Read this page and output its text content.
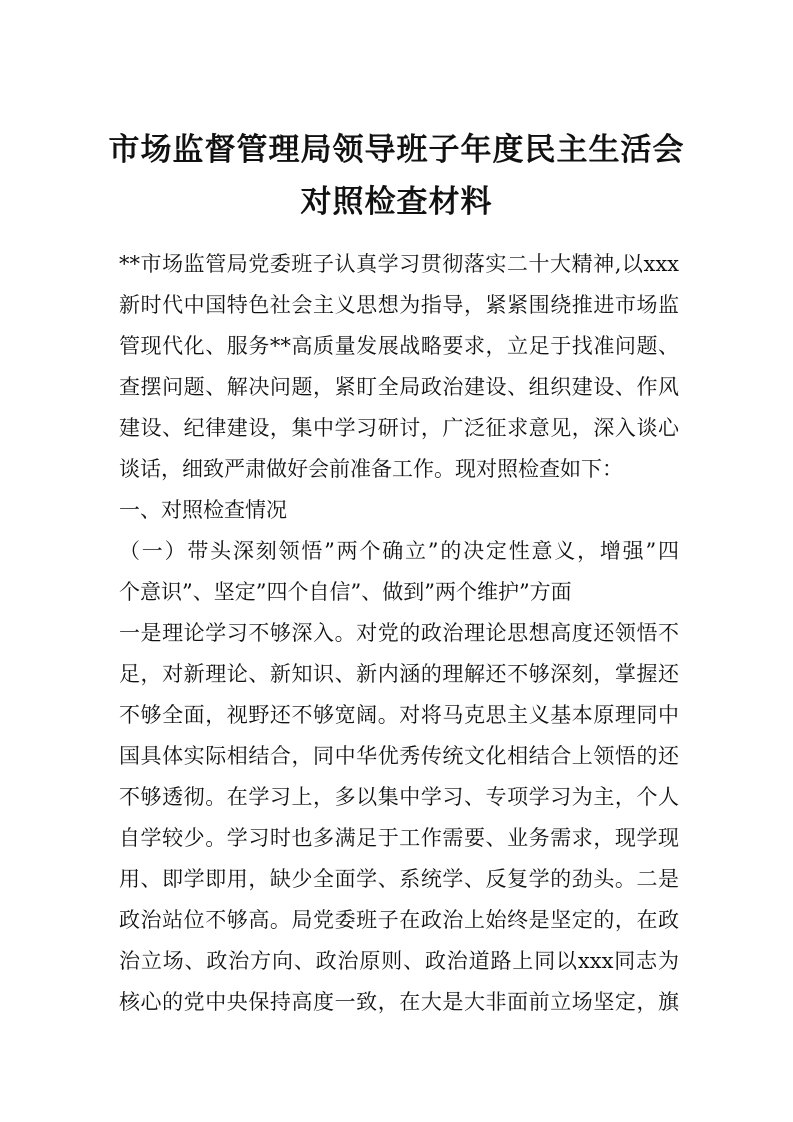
市场监督管理局领导班子年度民主生活会
对照检查材料
**市场监管局党委班子认真学习贯彻落实二十大精神,以xxx
新时代中国特色社会主义思想为指导，紧紧围绕推进市场监
管现代化、服务**高质量发展战略要求，立足于找准问题、
查摆问题、解决问题，紧盯全局政治建设、组织建设、作风
建设、纪律建设，集中学习研讨，广泛征求意见，深入谈心
谈话，细致严肃做好会前准备工作。现对照检查如下：
一、对照检查情况
（一）带头深刻领悟”两个确立”的决定性意义，增强”四
个意识”、坚定”四个自信”、做到”两个维护”方面
一是理论学习不够深入。对党的政治理论思想高度还领悟不
足，对新理论、新知识、新内涵的理解还不够深刻，掌握还
不够全面，视野还不够宽阔。对将马克思主义基本原理同中
国具体实际相结合，同中华优秀传统文化相结合上领悟的还
不够透彻。在学习上，多以集中学习、专项学习为主，个人
自学较少。学习时也多满足于工作需要、业务需求，现学现
用、即学即用，缺少全面学、系统学、反复学的劲头。二是
政治站位不够高。局党委班子在政治上始终是坚定的，在政
治立场、政治方向、政治原则、政治道路上同以xxx同志为
核心的党中央保持高度一致，在大是大非面前立场坚定，旗
